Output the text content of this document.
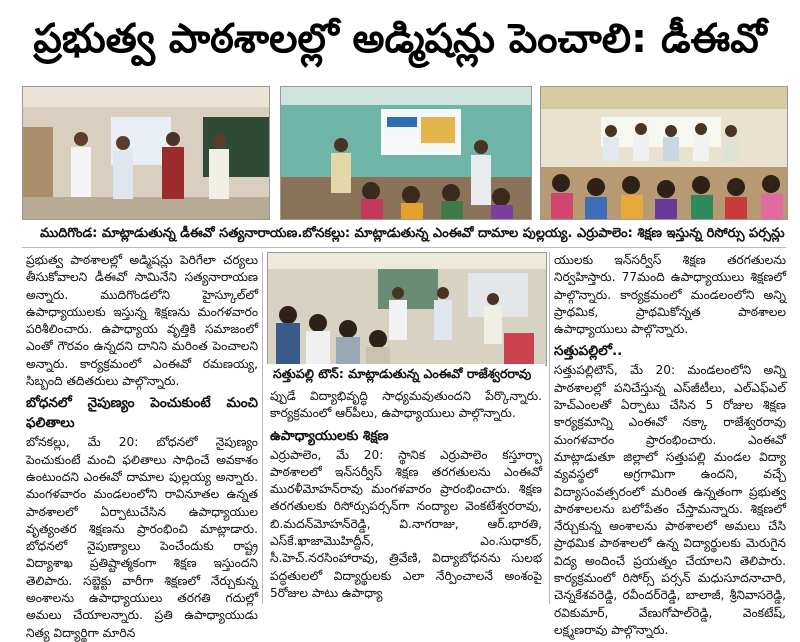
ప్రభుత్వ పాఠశాలల్లో అడ్మిషన్లు పెంచాలి: డీఈవో
ముదిగొండ: మాట్లాడుతున్న డీఈవో సత్యనారాయణ.బోనకల్లు: మాట్లాడుతున్న ఎంఈవో దామాల పుల్లయ్య. ఎర్రుపాలెం: శిక్షణ ఇస్తున్న రిసోర్సు పర్సన్లు

ప్రభుత్వ పాఠశాలల్లో అడ్మిషన్లు పెరిగేలా చర్యలు తీసుకోవాలని డీఈవో సామినేని సత్యనారాయణ అన్నారు. ముదిగొండలోని హైస్కూల్‌లో ఉపాధ్యాయులకు ఇస్తున్న శిక్షణను మంగళవారం పరిశీలించారు. ఉపాధ్యాయ వృత్తికి సమాజంలో ఎంతో గౌరవం ఉన్నదని దానిని మరింత పెంచాలని అన్నారు. కార్యక్రమంలో ఎంఈవో రమణయ్య, సిబ్బంది తదితరులు పాల్గొన్నారు.

బోధనలో నైపుణ్యం పెంచుకుంటే మంచి ఫలితాలు

బోనకల్లు, మే 20: బోధనలో నైపుణ్యం పెంచుకుంటే మంచి ఫలితాలు సాధించే అవకాశం ఉంటుందని ఎంఈవో దామాల పుల్లయ్య అన్నారు. మంగళవారం మండలంలోని రావినూతల ఉన్నత పాఠశాలలో ఏర్పాటుచేసిన ఉపాధ్యాయుల వృత్యంతర శిక్షణను ప్రారంభించి మాట్లాడారు. బోధనలో నైపుణ్యాలు పెంచేందుకు రాష్ట్ర విద్యాశాఖ ప్రతిష్టాత్మకంగా శిక్షణ ఇస్తుందని తెలిపారు. సబ్జెక్టు వారీగా శిక్షణలో నేర్చుకున్న అంశాలను ఉపాధ్యాయులు తరగతి గదుల్లో అమలు చేయాలన్నారు. ప్రతి ఉపాధ్యాయుడు నిత్య విద్యార్థిగా మారిన

సత్తుపల్లి టౌన్‌: మాట్లాడుతున్న ఎంఈవో రాజేశ్వరరావు

ప్పుడే విద్యాభివృద్ధి సాధ్యమవుతుందని పేర్కొన్నారు. కార్యక్రమంలో ఆర్‌పీలు, ఉపాధ్యాయులు పాల్గొన్నారు.

ఉపాధ్యాయులకు శిక్షణ

ఎర్రుపాలెం, మే 20: స్థానిక ఎర్రుపాలెం కస్తూర్బా పాఠశాలలో ఇన్‌సర్వీస్‌ శిక్షణ తరగతులను ఎంఈవో మురళీమోహన్‌రావు మంగళవారం ప్రారంభించారు. శిక్షణ తరగతులకు రిసోర్సుపర్సన్‌గా నంద్యాల వెంకటేశ్వరరావు, బి.మదన్‌మోహన్‌రెడ్డి, వి.నాగరాజు, ఆర్‌.భారతి, ఎస్‌కే.ఖాజామొహిద్దీన్‌, ఎం.సుధాకర్‌, సీ.హెచ్‌.నరసింహారావు, త్రివేణి, విద్యాబోధనను సులభ పద్ధతులలో విద్యార్థులకు ఎలా నేర్పించాలనే అంశంపై 5రోజుల పాటు ఉపాధ్యా

యులకు ఇన్‌సర్వీస్‌ శిక్షణ తరగతులను నిర్వహిస్తారు. 77మంది ఉపాధ్యాయులు శిక్షణలో పాల్గొన్నారు. కార్యక్రమంలో మండలంలోని అన్ని ప్రాథమిక, ప్రాథమికోన్నత పాఠశాలల ఉపాధ్యాయులు పాల్గొన్నారు.

సత్తుపల్లిలో..

సత్తుపల్లిటౌన్‌, మే 20: మండలంలోని అన్ని పాఠశాలల్లో పనిచేస్తున్న ఎస్‌జీటీలు, ఎల్‌ఎఫ్‌ఎల్‌ హెచ్‌ఎంలతో ఏర్పాటు చేసిన 5 రోజుల శిక్షణ కార్యక్రమాన్ని ఎంఈవో నక్కా రాజేశ్వరరావు మంగళవారం ప్రారంభించారు. ఎంఈవో మాట్లాడుతూ జిల్లాలో సత్తుపల్లి మండల విద్యా వ్యవస్థలో అగ్రగామిగా ఉందని, వచ్చే విద్యాసంవత్సరంలో మరింత ఉన్నతంగా ప్రభుత్వ పాఠశాలలను బలోపేతం చేస్తామన్నారు. శిక్షణలో నేర్చుకున్న అంశాలను పాఠశాలలో అమలు చేసి ప్రాథమిక పాఠశాలలో ఉన్న విద్యార్థులకు మెరుగైన విద్య అందించే ప్రయత్నం చేయాలని తెలిపారు. కార్యక్రమంలో రిసోర్స్‌ పర్సన్‌ మధుసూదనాచారి, చెన్నకేశవరెడ్డి, రవీందర్‌రెడ్డి, బాలాజీ, శ్రీనివాసరెడ్డి, రవికుమార్‌, వేణుగోపాల్‌రెడ్డి, వెంకటేష్‌, లక్ష్మణరావు పాల్గొన్నారు.
